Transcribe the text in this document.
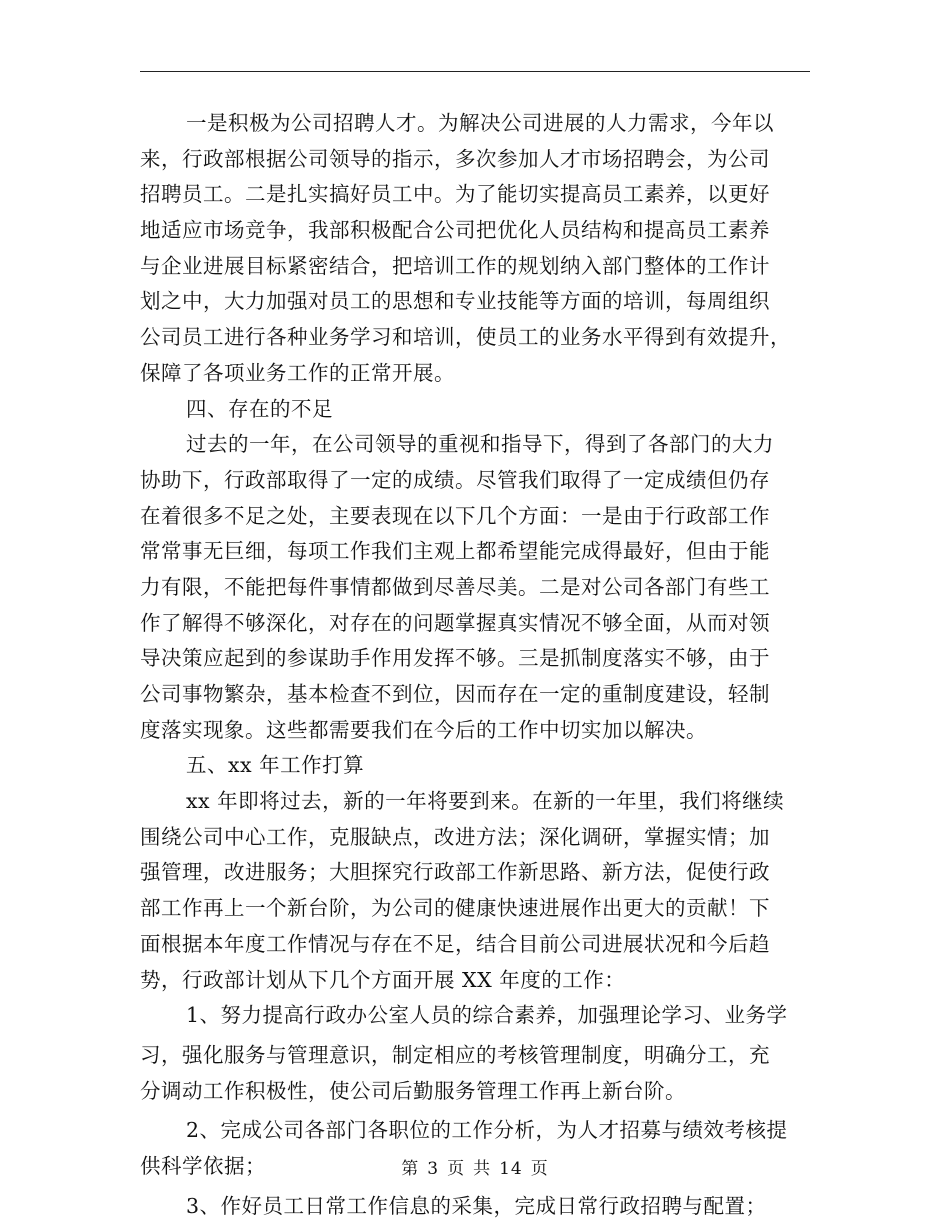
一是积极为公司招聘人才。为解决公司进展的人力需求，今年以
来，行政部根据公司领导的指示，多次参加人才市场招聘会，为公司
招聘员工。二是扎实搞好员工中。为了能切实提高员工素养，以更好
地适应市场竞争，我部积极配合公司把优化人员结构和提高员工素养
与企业进展目标紧密结合，把培训工作的规划纳入部门整体的工作计
划之中，大力加强对员工的思想和专业技能等方面的培训，每周组织
公司员工进行各种业务学习和培训，使员工的业务水平得到有效提升，
保障了各项业务工作的正常开展。
四、存在的不足
过去的一年，在公司领导的重视和指导下，得到了各部门的大力
协助下，行政部取得了一定的成绩。尽管我们取得了一定成绩但仍存
在着很多不足之处，主要表现在以下几个方面：一是由于行政部工作
常常事无巨细，每项工作我们主观上都希望能完成得最好，但由于能
力有限，不能把每件事情都做到尽善尽美。二是对公司各部门有些工
作了解得不够深化，对存在的问题掌握真实情况不够全面，从而对领
导决策应起到的参谋助手作用发挥不够。三是抓制度落实不够，由于
公司事物繁杂，基本检查不到位，因而存在一定的重制度建设，轻制
度落实现象。这些都需要我们在今后的工作中切实加以解决。
五、xx 年工作打算
xx 年即将过去，新的一年将要到来。在新的一年里，我们将继续
围绕公司中心工作，克服缺点，改进方法；深化调研，掌握实情；加
强管理，改进服务；大胆探究行政部工作新思路、新方法，促使行政
部工作再上一个新台阶，为公司的健康快速进展作出更大的贡献！下
面根据本年度工作情况与存在不足，结合目前公司进展状况和今后趋
势，行政部计划从下几个方面开展 XX 年度的工作：
1、努力提高行政办公室人员的综合素养，加强理论学习、业务学
习，强化服务与管理意识，制定相应的考核管理制度，明确分工，充
分调动工作积极性，使公司后勤服务管理工作再上新台阶。
2、完成公司各部门各职位的工作分析，为人才招募与绩效考核提
供科学依据；
3、作好员工日常工作信息的采集，完成日常行政招聘与配置；
第 3 页 共 14 页
